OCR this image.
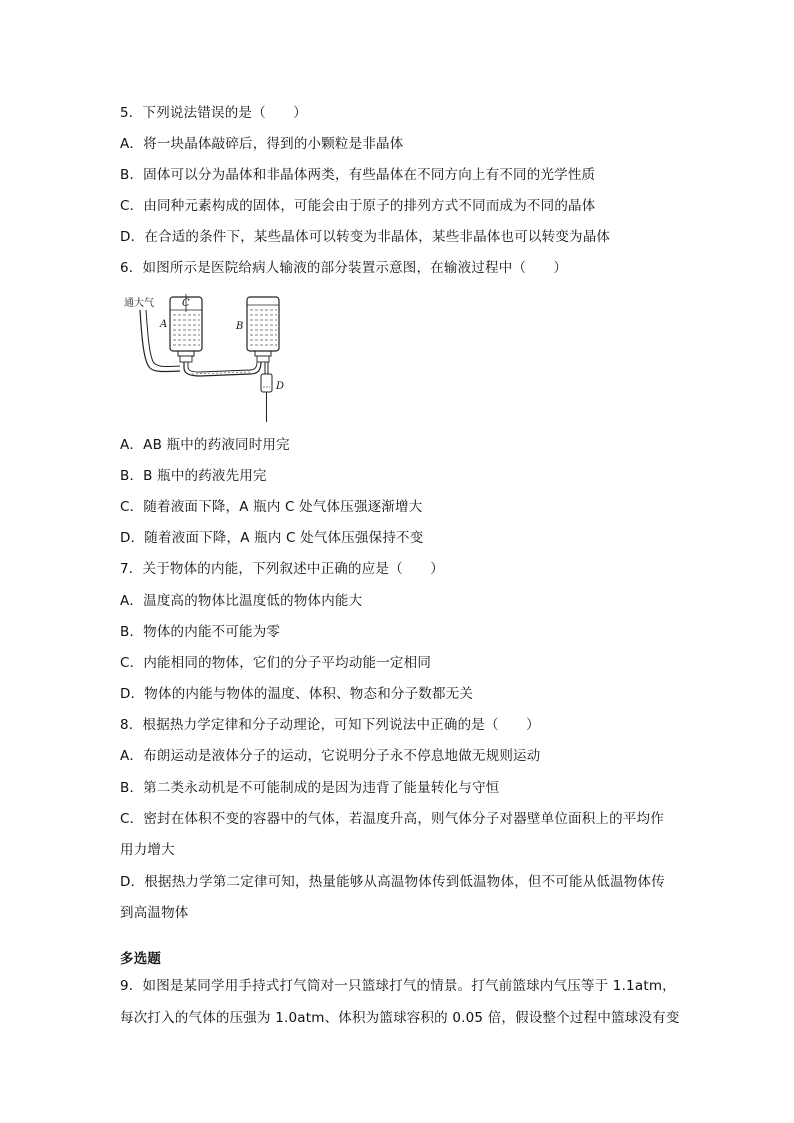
5．下列说法错误的是（　　）
A．将一块晶体敲碎后，得到的小颗粒是非晶体
B．固体可以分为晶体和非晶体两类，有些晶体在不同方向上有不同的光学性质
C．由同种元素构成的固体，可能会由于原子的排列方式不同而成为不同的晶体
D．在合适的条件下，某些晶体可以转变为非晶体，某些非晶体也可以转变为晶体
6．如图所示是医院给病人输液的部分装置示意图，在输液过程中（　　）
通大气
A
C
B
D
A．AB 瓶中的药液同时用完
B．B 瓶中的药液先用完
C．随着液面下降，A 瓶内 C 处气体压强逐渐增大
D．随着液面下降，A 瓶内 C 处气体压强保持不变
7．关于物体的内能，下列叙述中正确的应是（　　）
A．温度高的物体比温度低的物体内能大
B．物体的内能不可能为零
C．内能相同的物体，它们的分子平均动能一定相同
D．物体的内能与物体的温度、体积、物态和分子数都无关
8．根据热力学定律和分子动理论，可知下列说法中正确的是（　　）
A．布朗运动是液体分子的运动，它说明分子永不停息地做无规则运动
B．第二类永动机是不可能制成的是因为违背了能量转化与守恒
C．密封在体积不变的容器中的气体，若温度升高，则气体分子对器壁单位面积上的平均作
用力增大
D．根据热力学第二定律可知，热量能够从高温物体传到低温物体，但不可能从低温物体传
到高温物体
多选题
9．如图是某同学用手持式打气筒对一只篮球打气的情景。打气前篮球内气压等于 1.1atm，
每次打入的气体的压强为 1.0atm、体积为篮球容积的 0.05 倍，假设整个过程中篮球没有变
